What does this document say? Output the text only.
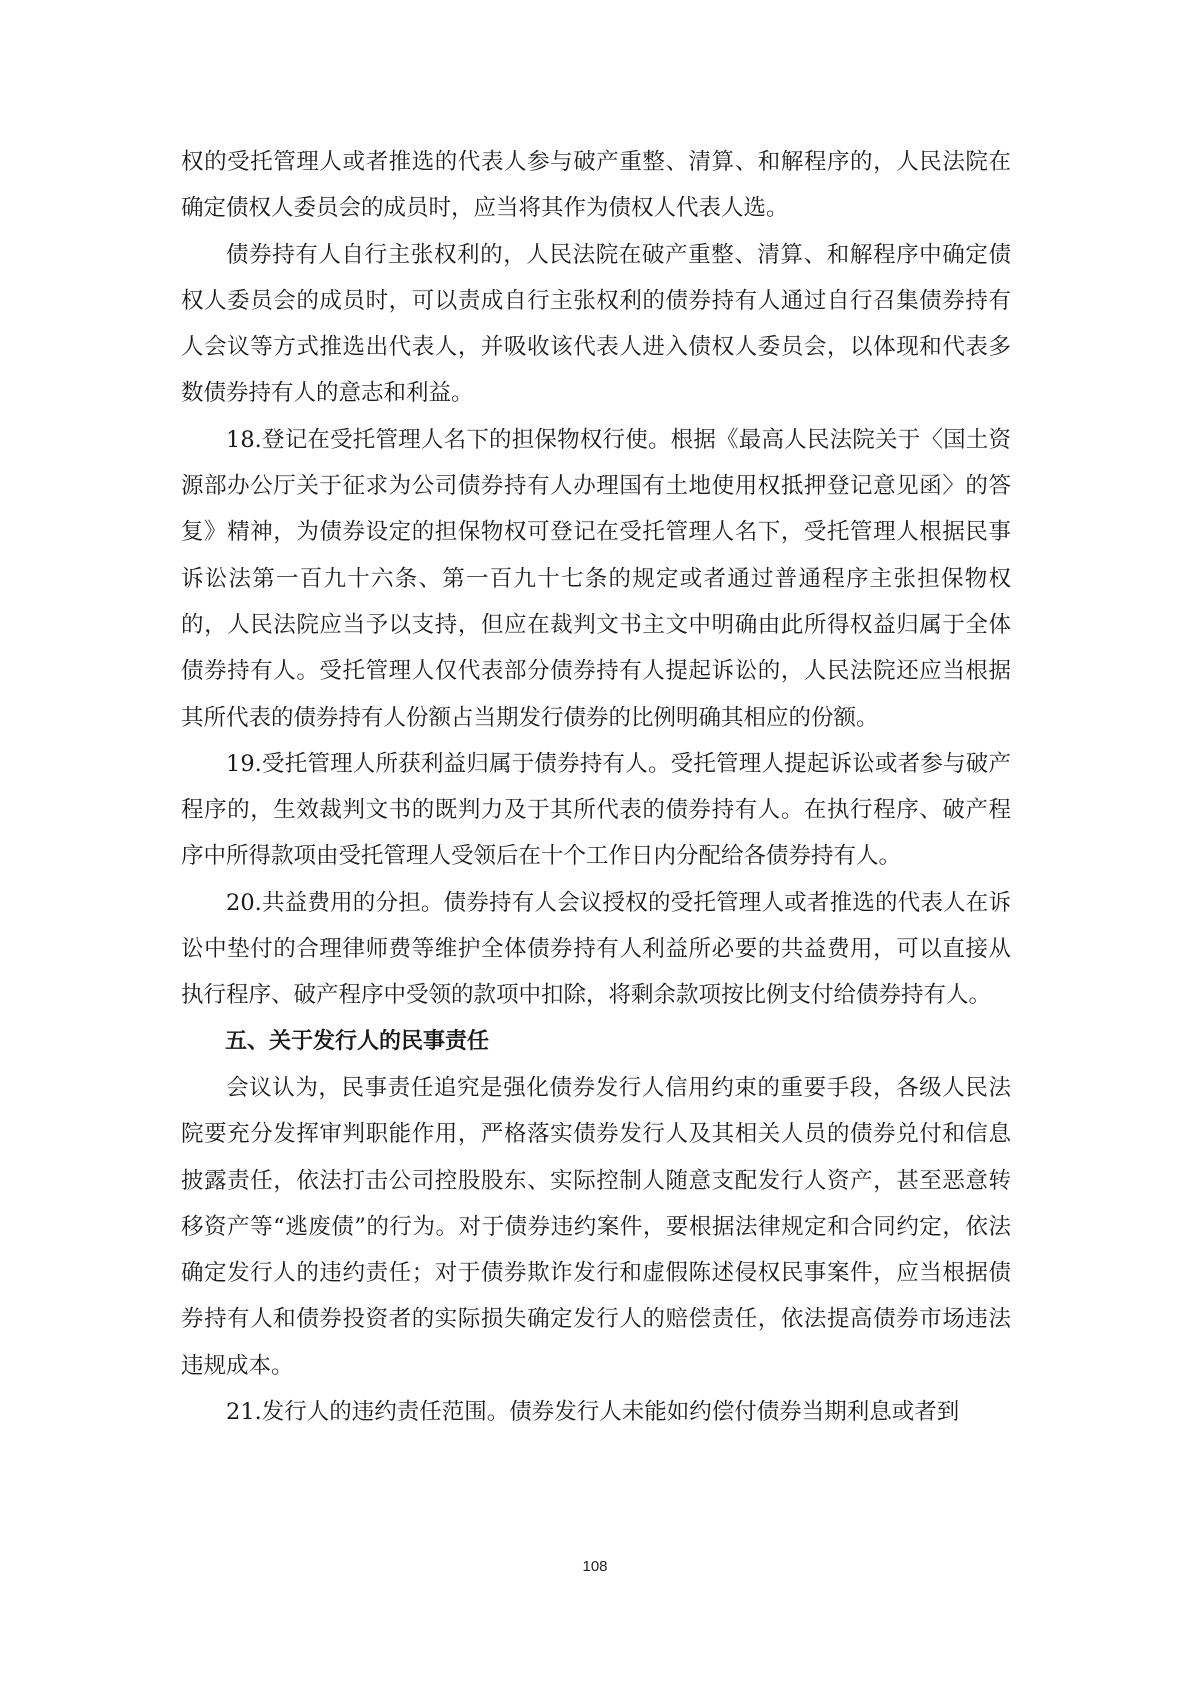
权的受托管理人或者推选的代表人参与破产重整、清算、和解程序的，人民法院在确定债权人委员会的成员时，应当将其作为债权人代表人选。

债券持有人自行主张权利的，人民法院在破产重整、清算、和解程序中确定债权人委员会的成员时，可以责成自行主张权利的债券持有人通过自行召集债券持有人会议等方式推选出代表人，并吸收该代表人进入债权人委员会，以体现和代表多数债券持有人的意志和利益。

18.登记在受托管理人名下的担保物权行使。根据《最高人民法院关于〈国土资源部办公厅关于征求为公司债券持有人办理国有土地使用权抵押登记意见函〉的答复》精神，为债券设定的担保物权可登记在受托管理人名下，受托管理人根据民事诉讼法第一百九十六条、第一百九十七条的规定或者通过普通程序主张担保物权的，人民法院应当予以支持，但应在裁判文书主文中明确由此所得权益归属于全体债券持有人。受托管理人仅代表部分债券持有人提起诉讼的，人民法院还应当根据其所代表的债券持有人份额占当期发行债券的比例明确其相应的份额。

19.受托管理人所获利益归属于债券持有人。受托管理人提起诉讼或者参与破产程序的，生效裁判文书的既判力及于其所代表的债券持有人。在执行程序、破产程序中所得款项由受托管理人受领后在十个工作日内分配给各债券持有人。

20.共益费用的分担。债券持有人会议授权的受托管理人或者推选的代表人在诉讼中垫付的合理律师费等维护全体债券持有人利益所必要的共益费用，可以直接从执行程序、破产程序中受领的款项中扣除，将剩余款项按比例支付给债券持有人。

五、关于发行人的民事责任

会议认为，民事责任追究是强化债券发行人信用约束的重要手段，各级人民法院要充分发挥审判职能作用，严格落实债券发行人及其相关人员的债券兑付和信息披露责任，依法打击公司控股股东、实际控制人随意支配发行人资产，甚至恶意转移资产等“逃废债”的行为。对于债券违约案件，要根据法律规定和合同约定，依法确定发行人的违约责任；对于债券欺诈发行和虚假陈述侵权民事案件，应当根据债券持有人和债券投资者的实际损失确定发行人的赔偿责任，依法提高债券市场违法违规成本。

21.发行人的违约责任范围。债券发行人未能如约偿付债券当期利息或者到

108
